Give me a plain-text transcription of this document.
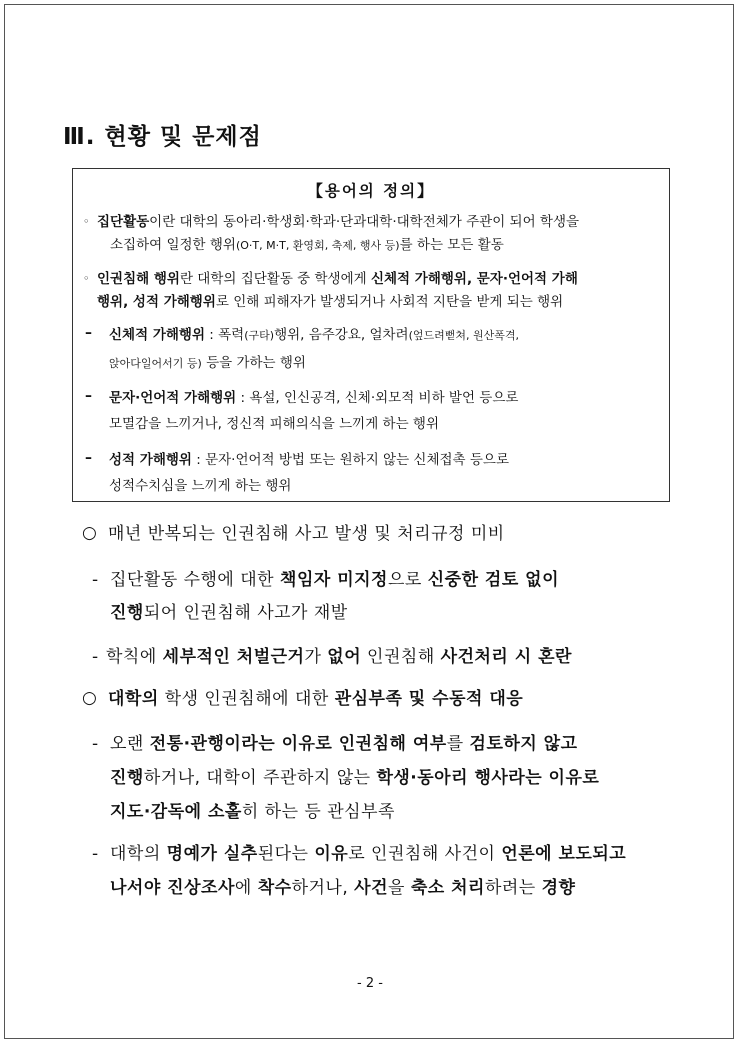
Ⅲ. 현황 및 문제점
【용어의 정의】
◦ 집단활동이란 대학의 동아리·학생회·학과·단과대학·대학전체가 주관이 되어 학생을
소집하여 일정한 행위(O·T, M·T, 환영회, 축제, 행사 등)를 하는 모든 활동
◦ 인권침해 행위란 대학의 집단활동 중 학생에게 신체적 가해행위, 문자·언어적 가해
행위, 성적 가해행위로 인해 피해자가 발생되거나 사회적 지탄을 받게 되는 행위
– 신체적 가해행위 : 폭력(구타)행위, 음주강요, 얼차려(엎드려뻗쳐, 원산폭격,
앉아다일어서기 등) 등을 가하는 행위
– 문자·언어적 가해행위 : 욕설, 인신공격, 신체·외모적 비하 발언 등으로
모멸감을 느끼거나, 정신적 피해의식을 느끼게 하는 행위
– 성적 가해행위 : 문자·언어적 방법 또는 원하지 않는 신체접촉 등으로
성적수치심을 느끼게 하는 행위
○ 매년 반복되는 인권침해 사고 발생 및 처리규정 미비
- 집단활동 수행에 대한 책임자 미지정으로 신중한 검토 없이
진행되어 인권침해 사고가 재발
- 학칙에 세부적인 처벌근거가 없어 인권침해 사건처리 시 혼란
○ 대학의 학생 인권침해에 대한 관심부족 및 수동적 대응
- 오랜 전통·관행이라는 이유로 인권침해 여부를 검토하지 않고
진행하거나, 대학이 주관하지 않는 학생·동아리 행사라는 이유로
지도·감독에 소홀히 하는 등 관심부족
- 대학의 명예가 실추된다는 이유로 인권침해 사건이 언론에 보도되고
나서야 진상조사에 착수하거나, 사건을 축소 처리하려는 경향
- 2 -
